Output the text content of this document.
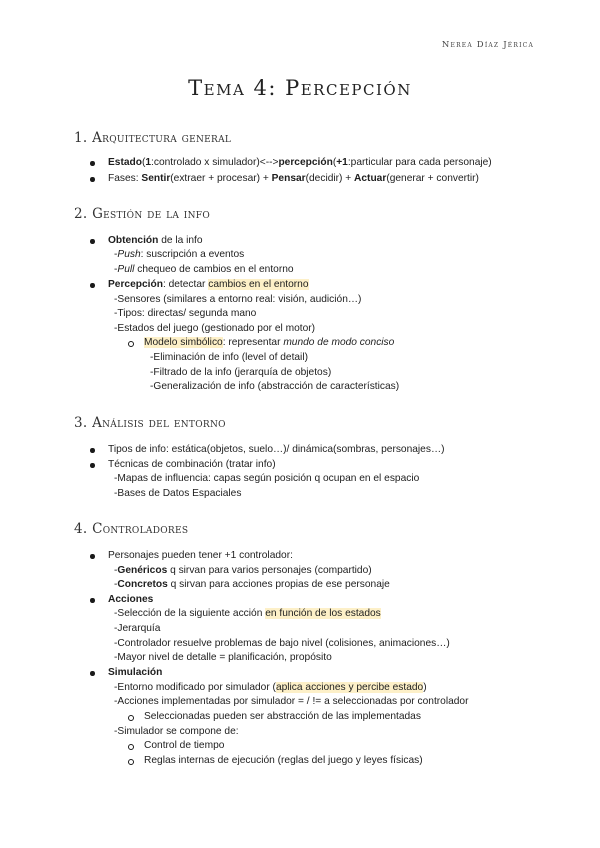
Nerea Díaz Jérica
Tema 4: Percepción
1. Arquitectura general
Estado(1:controlado x simulador)<-->percepción(+1:particular para cada personaje)
Fases: Sentir(extraer + procesar) + Pensar(decidir) + Actuar(generar + convertir)
2. Gestión de la info
Obtención de la info
-Push: suscripción a eventos
-Pull chequeo de cambios en el entorno
Percepción: detectar cambios en el entorno
-Sensores (similares a entorno real: visión, audición…)
-Tipos: directas/ segunda mano
-Estados del juego (gestionado por el motor)
Modelo simbólico: representar mundo de modo conciso
-Eliminación de info (level of detail)
-Filtrado de la info (jerarquía de objetos)
-Generalización de info (abstracción de características)
3. Análisis del entorno
Tipos de info: estática(objetos, suelo…)/ dinámica(sombras, personajes…)
Técnicas de combinación (tratar info)
-Mapas de influencia: capas según posición q ocupan en el espacio
-Bases de Datos Espaciales
4. Controladores
Personajes pueden tener +1 controlador:
-Genéricos q sirvan para varios personajes (compartido)
-Concretos q sirvan para acciones propias de ese personaje
Acciones
-Selección de la siguiente acción en función de los estados
-Jerarquía
-Controlador resuelve problemas de bajo nivel (colisiones, animaciones…)
-Mayor nivel de detalle = planificación, propósito
Simulación
-Entorno modificado por simulador (aplica acciones y percibe estado)
-Acciones implementadas por simulador = / != a seleccionadas por controlador
Seleccionadas pueden ser abstracción de las implementadas
-Simulador se compone de:
Control de tiempo
Reglas internas de ejecución (reglas del juego y leyes físicas)
